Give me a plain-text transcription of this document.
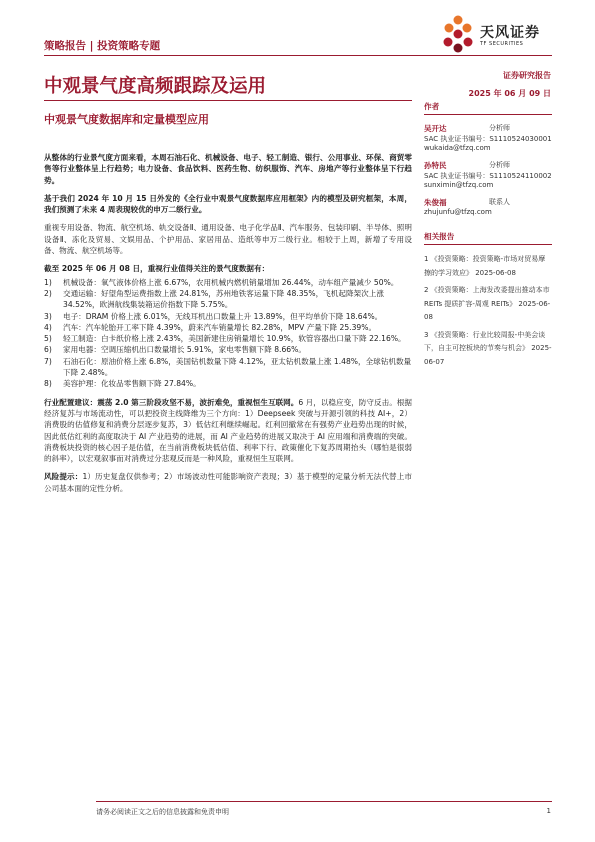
策略报告 | 投资策略专题
天风证券
TF SECURITIES
中观景气度高频跟踪及运用
证券研究报告
2025 年 06 月 09 日
中观景气度数据库和定量模型应用

从整体的行业景气度方面来看，本周石油石化、机械设备、电子、轻工制造、银行、公用事业、环保、商贸零售等行业整体呈上行趋势；电力设备、食品饮料、医药生物、纺织服饰、汽车、房地产等行业整体呈下行趋势。

基于我们 2024 年 10 月 15 日外发的《全行业中观景气度数据库应用框架》内的模型及研究框架，本周，我们预测了未来 4 周表现较优的申万二级行业。

重视专用设备、物流、航空机场、轨交设备Ⅱ、通用设备、电子化学品Ⅱ、汽车服务、包装印刷、半导体、照明设备Ⅱ、冻化及贸易、文娱用品、个护用品、家居用品、造纸等申万二级行业。相较于上周，新增了专用设备、物流、航空机场等。

截至 2025 年 06 月 08 日，重视行业值得关注的景气度数据有：

1)	机械设备：氧气液体价格上涨 6.67%，农用机械内燃机销量增加 26.44%，动车组产量减少 50%。
2)	交通运输：好望角型运费指数上涨 24.81%，苏州地铁客运量下降 48.35%，飞机起降架次上涨 34.52%，欧洲航线集装箱运价指数下降 5.75%。
3)	电子：DRAM 价格上涨 6.01%，无线耳机出口数量上升 13.89%，但平均单价下降 18.64%。
4)	汽车：汽车轮胎开工率下降 4.39%，蔚来汽车销量增长 82.28%，MPV 产量下降 25.39%。
5)	轻工制造：白卡纸价格上涨 2.43%，美国新建住房销量增长 10.9%，软管容器出口量下降 22.16%。
6)	家用电器：空调压缩机出口数量增长 5.91%，家电零售额下降 8.66%。
7)	石油石化：原油价格上涨 6.8%，美国钻机数量下降 4.12%，亚太钻机数量上涨 1.48%，全球钻机数量下降 2.48%。
8)	美容护理：化妆品零售额下降 27.84%。

行业配置建议：震荡 2.0 第三阶段攻坚不易，波折难免，重视恒生互联网。6 月，以稳应变，防守反击。根据经济复苏与市场流动性，可以把投资主线降维为三个方向：1）Deepseek 突破与开源引领的科技 AI+，2）消费股的估值修复和消费分层逐步复苏，3）低估红利继续崛起。红利回撤常在有强势产业趋势出现的时候，因此低估红利的高度取决于 AI 产业趋势的进展，而 AI 产业趋势的进展又取决于 AI 应用端和消费端的突破。消费板块投资的核心因子是估值，在当前消费板块低估值、利率下行、政策催化下复苏周期抬头（哪怕是很弱的斜率），以宏观叙事而对消费过分悲观反而是一种风险，重视恒生互联网。

风险提示：1）历史复盘仅供参考；2）市场波动性可能影响资产表现；3）基于模型的定量分析无法代替上市公司基本面的定性分析。

作者
吴开达	分析师
SAC 执业证书编号：S1110524030001
wukaida@tfzq.com
孙特民	分析师
SAC 执业证书编号：S1110524110002
sunximin@tfzq.com
朱俊福	联系人
zhujunfu@tfzq.com
相关报告
1 《投资策略：投资策略-市场对贸易摩擦的学习效应》 2025-06-08
2 《投资策略：上海发改委提出推动本市 REITs 提质扩容-周观 REITs》 2025-06-08
3 《投资策略：行业比较周报-中美会谈下，自主可控板块的节奏与机会》 2025-06-07
请务必阅读正文之后的信息披露和免责申明	1
